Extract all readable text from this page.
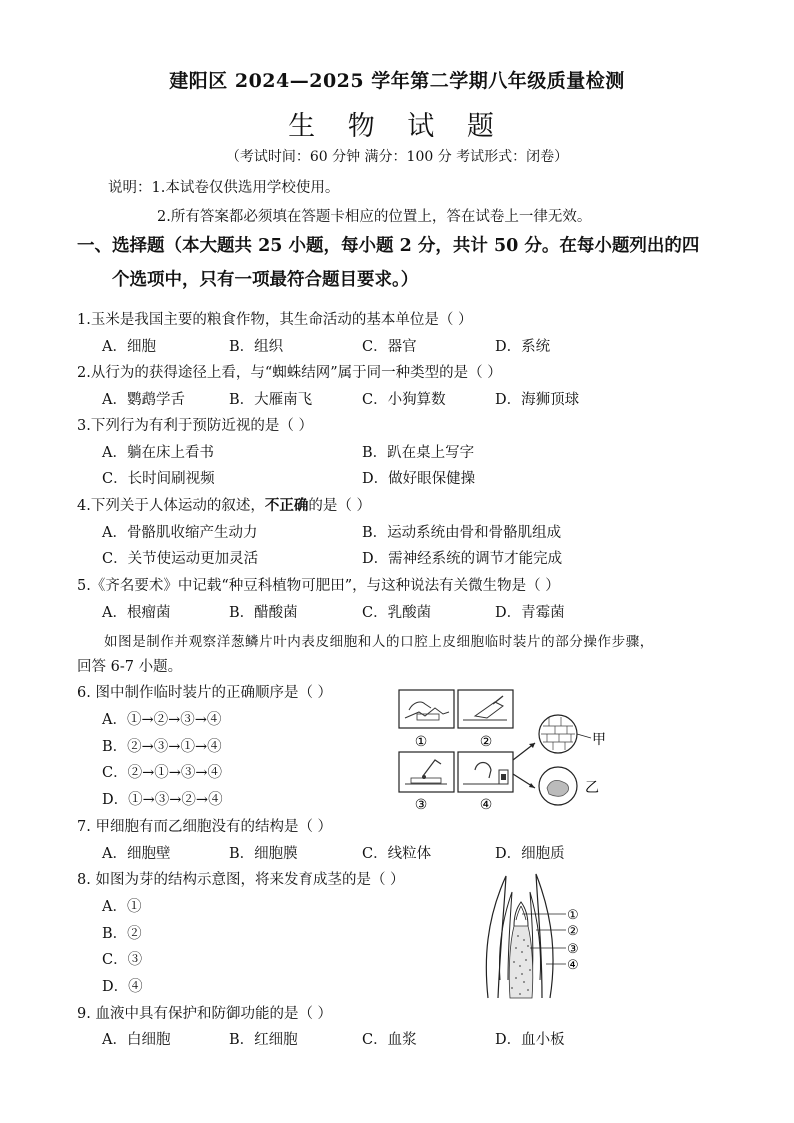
建阳区 2024—2025 学年第二学期八年级质量检测
生 物 试 题
（考试时间：60 分钟 满分：100 分 考试形式：闭卷）
说明：1.本试卷仅供选用学校使用。
2.所有答案都必须填在答题卡相应的位置上，答在试卷上一律无效。
一、选择题（本大题共 25 小题，每小题 2 分，共计 50 分。在每小题列出的四
个选项中，只有一项最符合题目要求。）
1.玉米是我国主要的粮食作物，其生命活动的基本单位是（ ）
A．细胞	B．组织	C．器官	D．系统
2.从行为的获得途径上看，与“蜘蛛结网”属于同一种类型的是（ ）
A．鹦鹉学舌	B．大雁南飞	C．小狗算数	D．海狮顶球
3.下列行为有利于预防近视的是（ ）
A．躺在床上看书	B．趴在桌上写字
C．长时间刷视频	D．做好眼保健操
4.下列关于人体运动的叙述，不正确的是（ ）
A．骨骼肌收缩产生动力	B．运动系统由骨和骨骼肌组成
C．关节使运动更加灵活	D．需神经系统的调节才能完成
5.《齐名要术》中记载“种豆科植物可肥田”，与这种说法有关微生物是（ ）
A．根瘤菌	B．醋酸菌	C．乳酸菌	D．青霉菌
如图是制作并观察洋葱鳞片叶内表皮细胞和人的口腔上皮细胞临时装片的部分操作步骤，
回答 6-7 小题。
6. 图中制作临时装片的正确顺序是（ ）
A．①→②→③→④
B．②→③→①→④
C．②→①→③→④
D．①→③→②→④
①	②
③	④
甲
乙
7. 甲细胞有而乙细胞没有的结构是（ ）
A．细胞壁	B．细胞膜	C．线粒体	D．细胞质
8. 如图为芽的结构示意图，将来发育成茎的是（ ）
A．①
B．②
C．③
D．④
①
②
③
④
9. 血液中具有保护和防御功能的是（ ）
A．白细胞	B．红细胞	C．血浆	D．血小板
